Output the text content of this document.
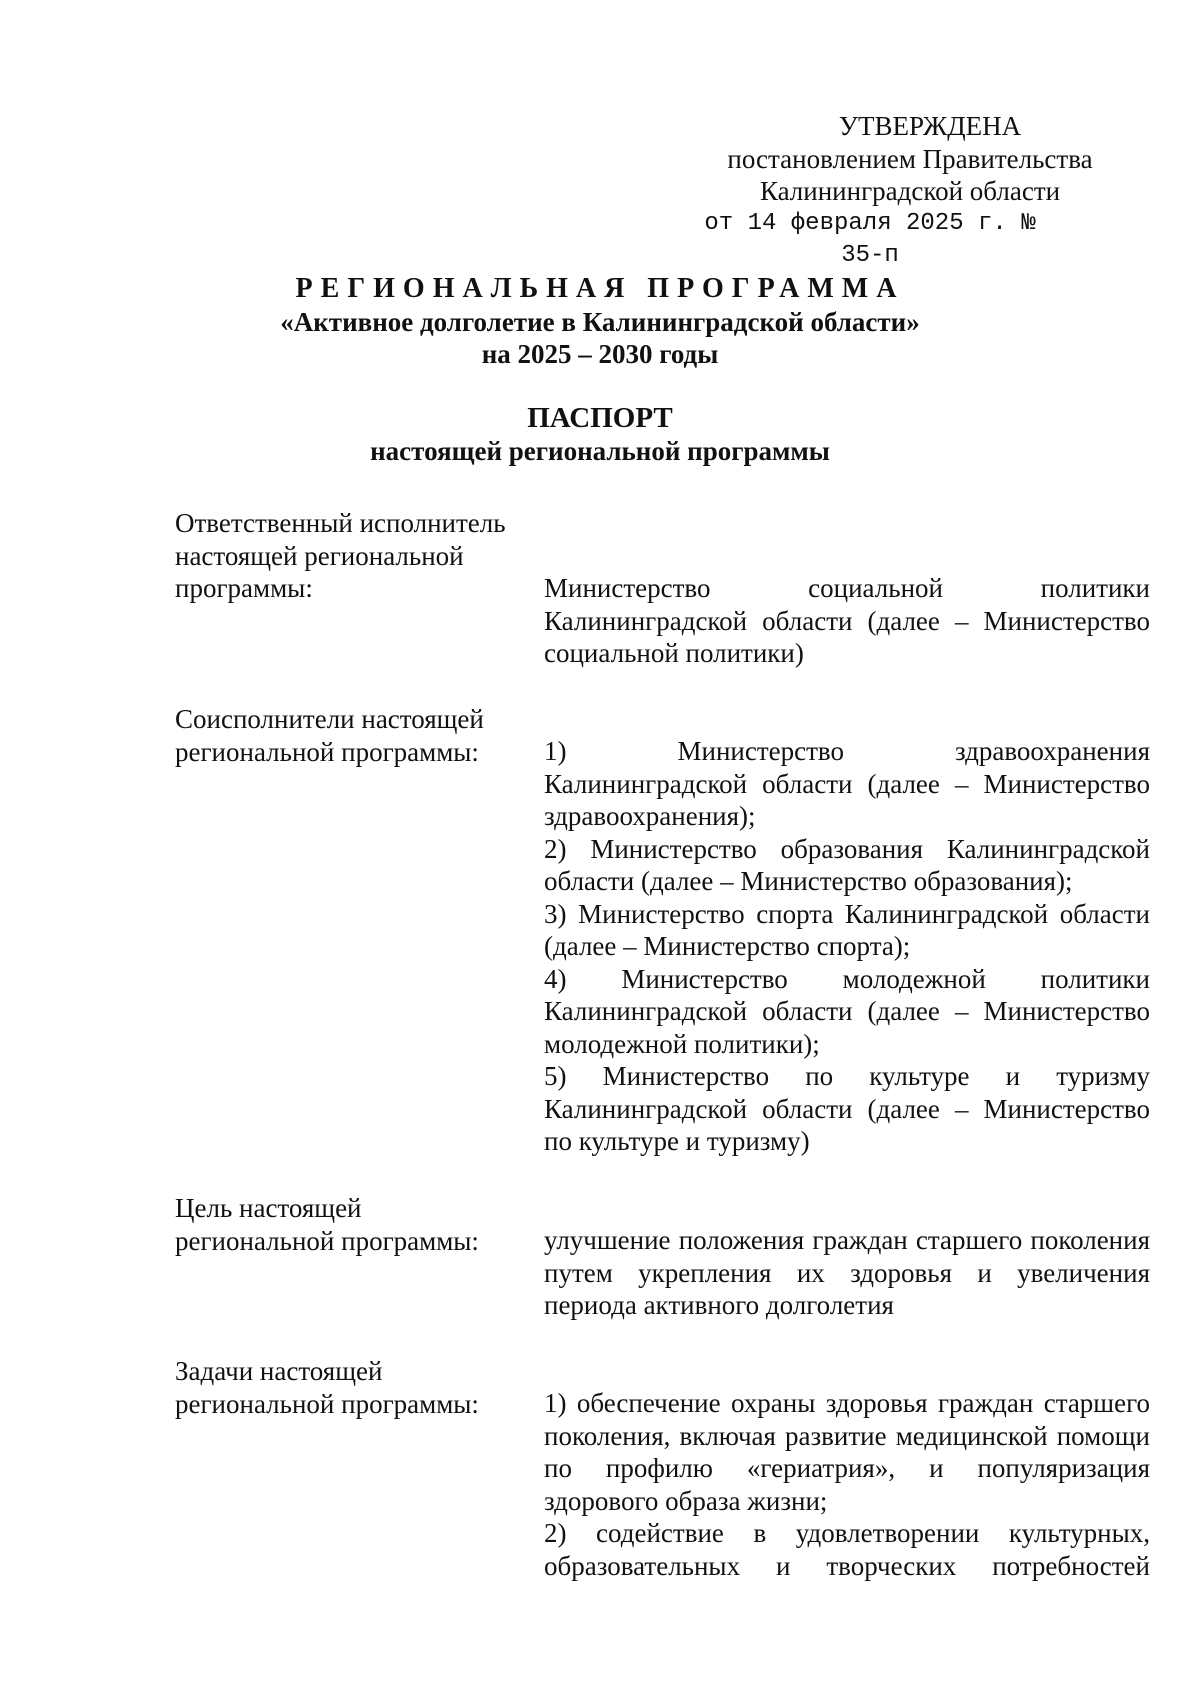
УТВЕРЖДЕНА
постановлением Правительства
Калининградской области
от 14 февраля 2025 г. № 35-п
РЕГИОНАЛЬНАЯ ПРОГРАММА
«Активное долголетие в Калининградской области»
на 2025 – 2030 годы
ПАСПОРТ
настоящей региональной программы
Ответственный исполнитель
настоящей региональной
программы:	Министерство социальной политики Калининградской области (далее – Министерство социальной политики)

Соисполнители настоящей
региональной программы:	1) Министерство здравоохранения Калининградской области (далее – Министерство здравоохранения);

2) Министерство образования Калининградской области (далее – Министерство образования);

3) Министерство спорта Калининградской области (далее – Министерство спорта);

4) Министерство молодежной политики Калининградской области (далее – Министерство молодежной политики);

5) Министерство по культуре и туризму Калининградской области (далее – Министерство по культуре и туризму)

Цель настоящей
региональной программы:	улучшение положения граждан старшего поколения путем укрепления их здоровья и увеличения периода активного долголетия

Задачи настоящей
региональной программы:	1) обеспечение охраны здоровья граждан старшего поколения, включая развитие медицинской помощи по профилю «гериатрия», и популяризация здорового образа жизни;

2) содействие в удовлетворении культурных, образовательных и творческих потребностей
